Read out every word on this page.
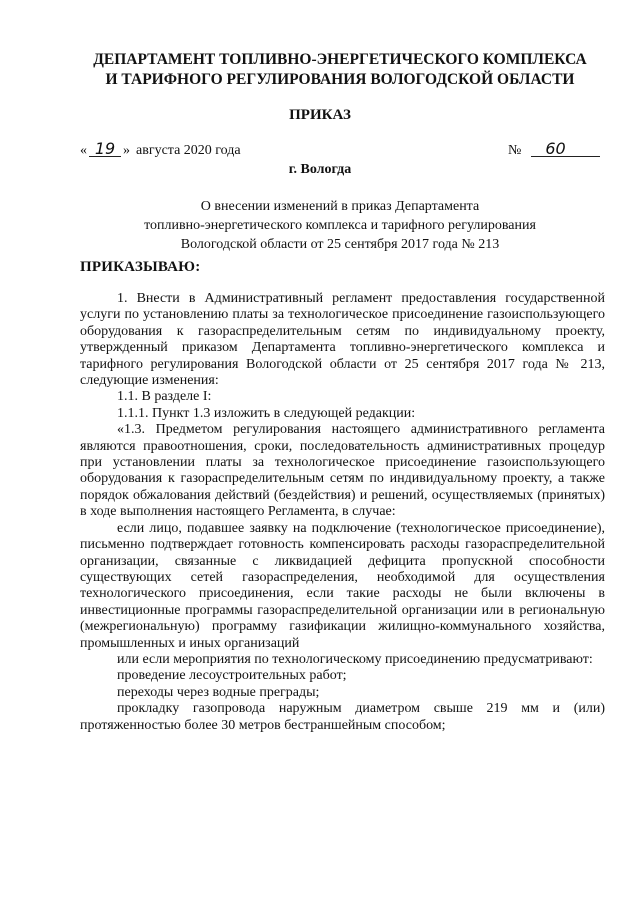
ДЕПАРТАМЕНТ ТОПЛИВНО-ЭНЕРГЕТИЧЕСКОГО КОМПЛЕКСА
И ТАРИФНОГО РЕГУЛИРОВАНИЯ ВОЛОГОДСКОЙ ОБЛАСТИ
ПРИКАЗ
« 19 » августа 2020 года	№	60
г. Вологда
О внесении изменений в приказ Департамента
топливно-энергетического комплекса и тарифного регулирования
Вологодской области от 25 сентября 2017 года № 213
ПРИКАЗЫВАЮ:

1. Внести в Административный регламент предоставления государственной услуги по установлению платы за технологическое присоединение газоиспользующего оборудования к газораспределительным сетям по индивидуальному проекту, утвержденный приказом Департамента топливно-энергетического комплекса и тарифного регулирования Вологодской области от 25 сентября 2017 года № 213, следующие изменения:

1.1. В разделе I:

1.1.1. Пункт 1.3 изложить в следующей редакции:

«1.3. Предметом регулирования настоящего административного регламента являются правоотношения, сроки, последовательность административных процедур при установлении платы за технологическое присоединение газоиспользующего оборудования к газораспределительным сетям по индивидуальному проекту, а также порядок обжалования действий (бездействия) и решений, осуществляемых (принятых) в ходе выполнения настоящего Регламента, в случае:

если лицо, подавшее заявку на подключение (технологическое присоединение), письменно подтверждает готовность компенсировать расходы газораспределительной организации, связанные с ликвидацией дефицита пропускной способности существующих сетей газораспределения, необходимой для осуществления технологического присоединения, если такие расходы не были включены в инвестиционные программы газораспределительной организации или в региональную (межрегиональную) программу газификации жилищно-коммунального хозяйства, промышленных и иных организаций

или если мероприятия по технологическому присоединению предусматривают:

проведение лесоустроительных работ;

переходы через водные преграды;

прокладку газопровода наружным диаметром свыше 219 мм и (или) протяженностью более 30 метров бестраншейным способом;
